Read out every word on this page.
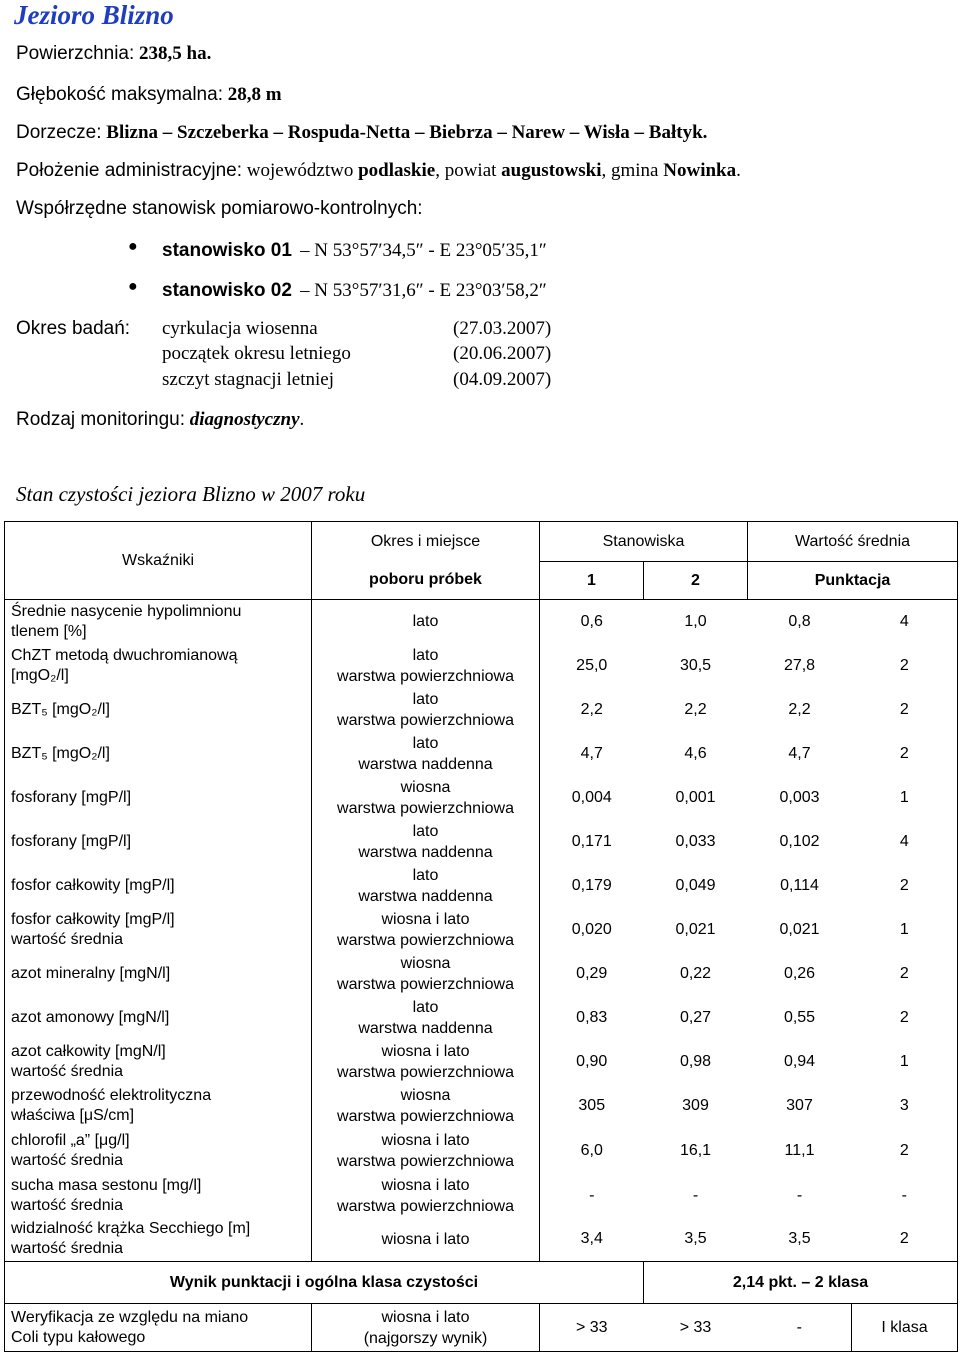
Jezioro Blizno
Powierzchnia: 238,5 ha.
Głębokość maksymalna: 28,8 m
Dorzecze: Blizna – Szczeberka – Rospuda-Netta – Biebrza – Narew – Wisła – Bałtyk.
Położenie administracyjne: województwo podlaskie, powiat augustowski, gmina Nowinka.
Współrzędne stanowisk pomiarowo-kontrolnych:
● stanowisko 01 – N 53°57′34,5″ - E 23°05′35,1″
● stanowisko 02 – N 53°57′31,6″ - E 23°03′58,2″
Okres badań: cyrkulacja wiosenna	(27.03.2007)
początek okresu letniego	(20.06.2007)
szczyt stagnacji letniej	(04.09.2007)
Rodzaj monitoringu: diagnostyczny.
Stan czystości jeziora Blizno w 2007 roku
Wskaźniki	Okres i miejsce	Stanowiska		Wartość średnia	
	poboru próbek	1	2	Punktacja	
Średnie nasycenie hypolimnionu
tlenem [%]	lato	0,6	1,0	0,8	4
ChZT metodą dwuchromianową
[mgO₂/l]	lato
warstwa powierzchniowa	25,0	30,5	27,8	2
BZT₅ [mgO₂/l]	lato
warstwa powierzchniowa	2,2	2,2	2,2	2
BZT₅ [mgO₂/l]	lato
warstwa naddenna	4,7	4,6	4,7	2
fosforany [mgP/l]	wiosna
warstwa powierzchniowa	0,004	0,001	0,003	1
fosforany [mgP/l]	lato
warstwa naddenna	0,171	0,033	0,102	4
fosfor całkowity [mgP/l]	lato
warstwa naddenna	0,179	0,049	0,114	2
fosfor całkowity [mgP/l]
wartość średnia	wiosna i lato
warstwa powierzchniowa	0,020	0,021	0,021	1
azot mineralny [mgN/l]	wiosna
warstwa powierzchniowa	0,29	0,22	0,26	2
azot amonowy [mgN/l]	lato
warstwa naddenna	0,83	0,27	0,55	2
azot całkowity [mgN/l]
wartość średnia	wiosna i lato
warstwa powierzchniowa	0,90	0,98	0,94	1
przewodność elektrolityczna
właściwa [μS/cm]	wiosna
warstwa powierzchniowa	305	309	307	3
chlorofil „a” [μg/l]
wartość średnia	wiosna i lato
warstwa powierzchniowa	6,0	16,1	11,1	2
sucha masa sestonu [mg/l]
wartość średnia	wiosna i lato
warstwa powierzchniowa	-	-	-	-
widzialność krążka Secchiego [m]
wartość średnia	wiosna i lato	3,4	3,5	3,5	2
Wynik punktacji i ogólna klasa czystości			2,14 pkt. – 2 klasa		
Weryfikacja ze względu na miano
Coli typu kałowego	wiosna i lato
(najgorszy wynik)	> 33	> 33	-	I klasa
